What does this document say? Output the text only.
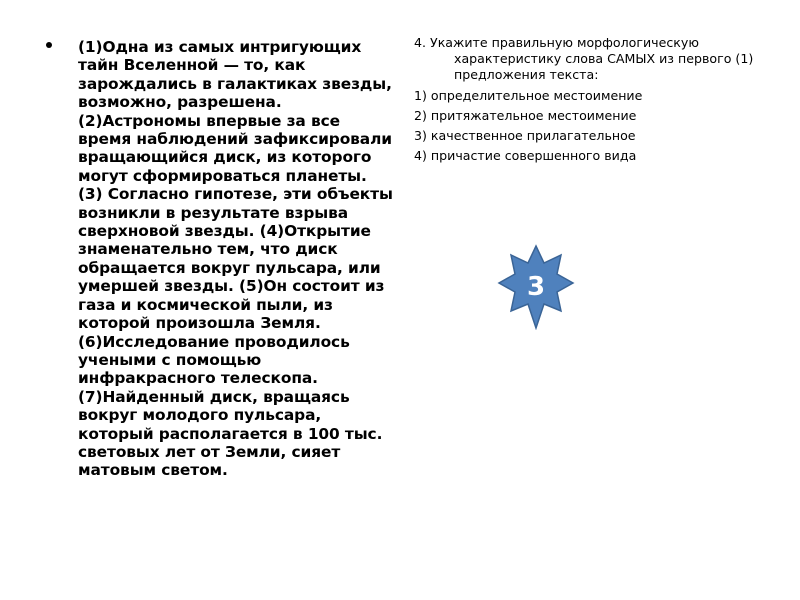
(1)Одна из самых интригующих тайн Вселенной — то, как зарождались в галактиках звезды, возможно, разрешена. (2)Астрономы впервые за все время наблюдений зафиксировали вращающийся диск, из которого могут сформироваться планеты. (3) Согласно гипотезе, эти объекты возникли в результате взрыва сверхновой звезды. (4)Открытие знаменательно тем, что диск обращается вокруг пульсара, или умершей звезды. (5)Он состоит из газа и космической пыли, из которой произошла Земля. (6)Исследование проводилось учеными с помощью инфракрасного телескопа. (7)Найденный диск, вращаясь вокруг молодого пульсара, который располагается в 100 тыс. световых лет от Земли, сияет матовым светом.

4. Укажите правильную морфологическую характеристику слова САМЫХ из первого (1) предложения текста:

1) определительное местоимение

2) притяжательное местоимение

3) качественное прилагательное

4) причастие совершенного вида

3
